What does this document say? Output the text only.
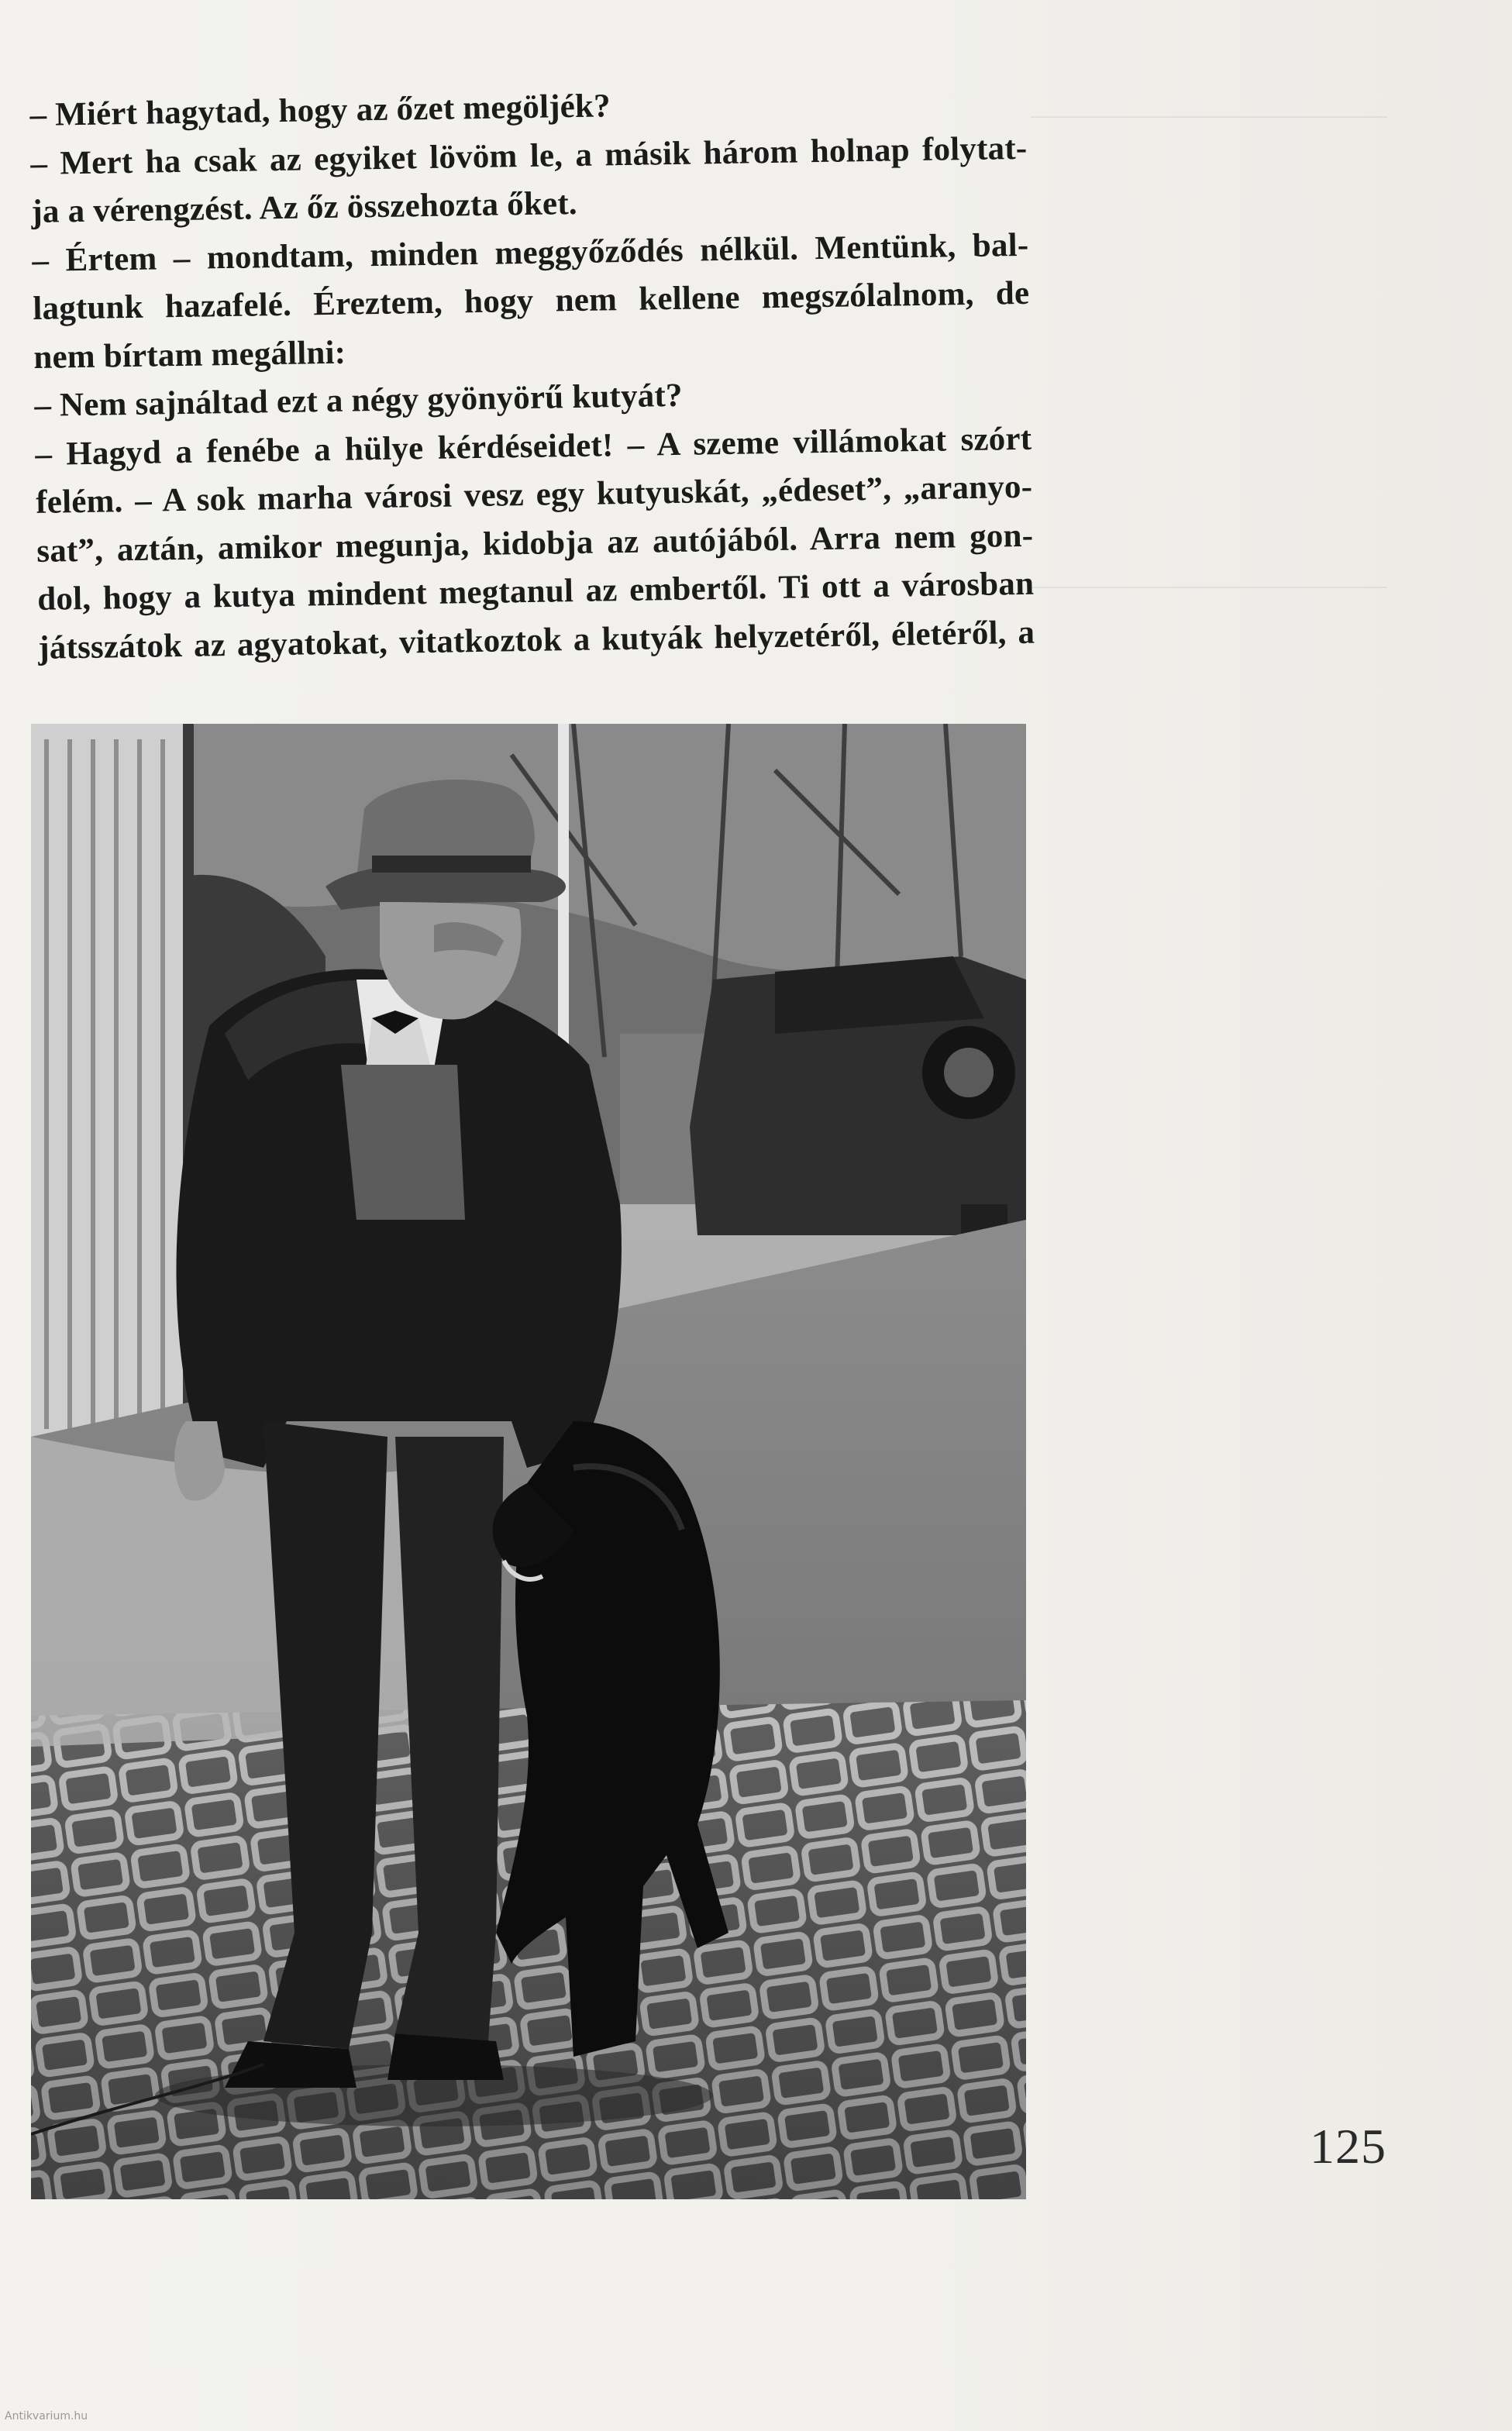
– Miért hagytad, hogy az őzet megöljék?
– Mert ha csak az egyiket lövöm le, a másik három holnap folytat-
ja a vérengzést. Az őz összehozta őket.
– Értem – mondtam, minden meggyőződés nélkül. Mentünk, bal-
lagtunk hazafelé. Éreztem, hogy nem kellene megszólalnom, de
nem bírtam megállni:
– Nem sajnáltad ezt a négy gyönyörű kutyát?
– Hagyd a fenébe a hülye kérdéseidet! – A szeme villámokat szórt
felém. – A sok marha városi vesz egy kutyuskát, „édeset”, „aranyo-
sat”, aztán, amikor megunja, kidobja az autójából. Arra nem gon-
dol, hogy a kutya mindent megtanul az embertől. Ti ott a városban
játsszátok az agyatokat, vitatkoztok a kutyák helyzetéről, életéről, a
125
Antikvarium.hu
